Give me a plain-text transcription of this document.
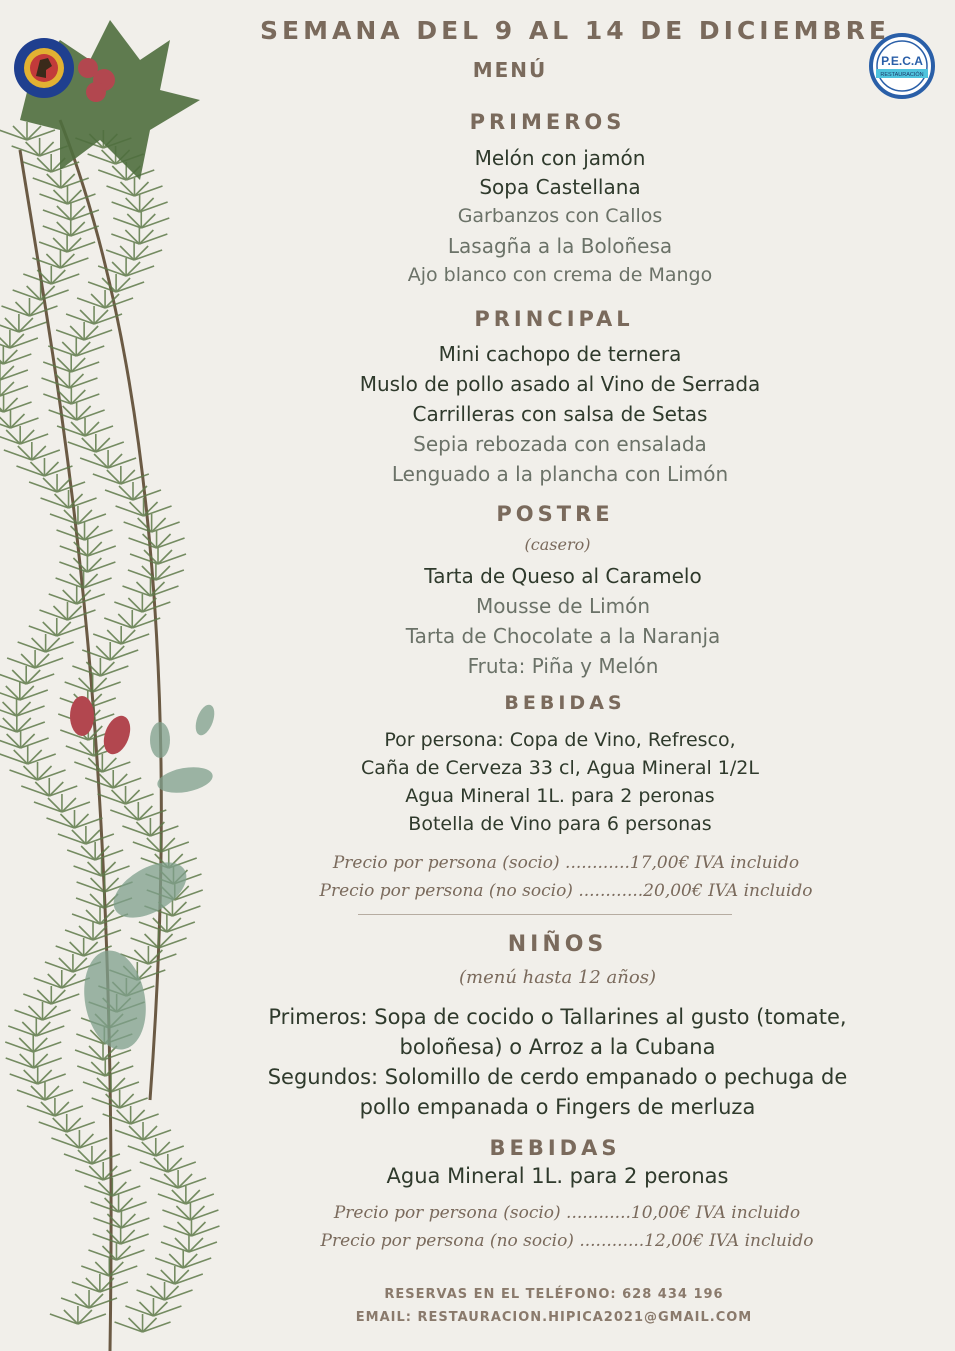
P.E.C.A
RESTAURACIÓN
SEMANA DEL 9 AL 14 DE DICIEMBRE
MENÚ
PRIMEROS
Melón con jamón
Sopa Castellana
Garbanzos con Callos
Lasagña a la Boloñesa
Ajo blanco con crema de Mango
PRINCIPAL
Mini cachopo de ternera
Muslo de pollo asado al Vino de Serrada
Carrilleras con salsa de Setas
Sepia rebozada con ensalada
Lenguado a la plancha con Limón
POSTRE
(casero)
Tarta de Queso al Caramelo
Mousse de Limón
Tarta de Chocolate a la Naranja
Fruta: Piña y Melón
BEBIDAS
Por persona: Copa de Vino, Refresco,
Caña de Cerveza 33 cl, Agua Mineral 1/2L
Agua Mineral 1L. para 2 peronas
Botella de Vino para 6 personas
Precio por persona (socio) ............17,00€ IVA incluido
Precio por persona (no socio) ............20,00€ IVA incluido
NIÑOS
(menú hasta 12 años)
Primeros: Sopa de cocido o Tallarines al gusto (tomate,
boloñesa) o Arroz a la Cubana
Segundos: Solomillo de cerdo empanado o pechuga de
pollo empanada o Fingers de merluza
BEBIDAS
Agua Mineral 1L. para 2 peronas
Precio por persona (socio) ............10,00€ IVA incluido
Precio por persona (no socio) ............12,00€ IVA incluido
RESERVAS EN EL TELÉFONO: 628 434 196
EMAIL: RESTAURACION.HIPICA2021@GMAIL.COM
